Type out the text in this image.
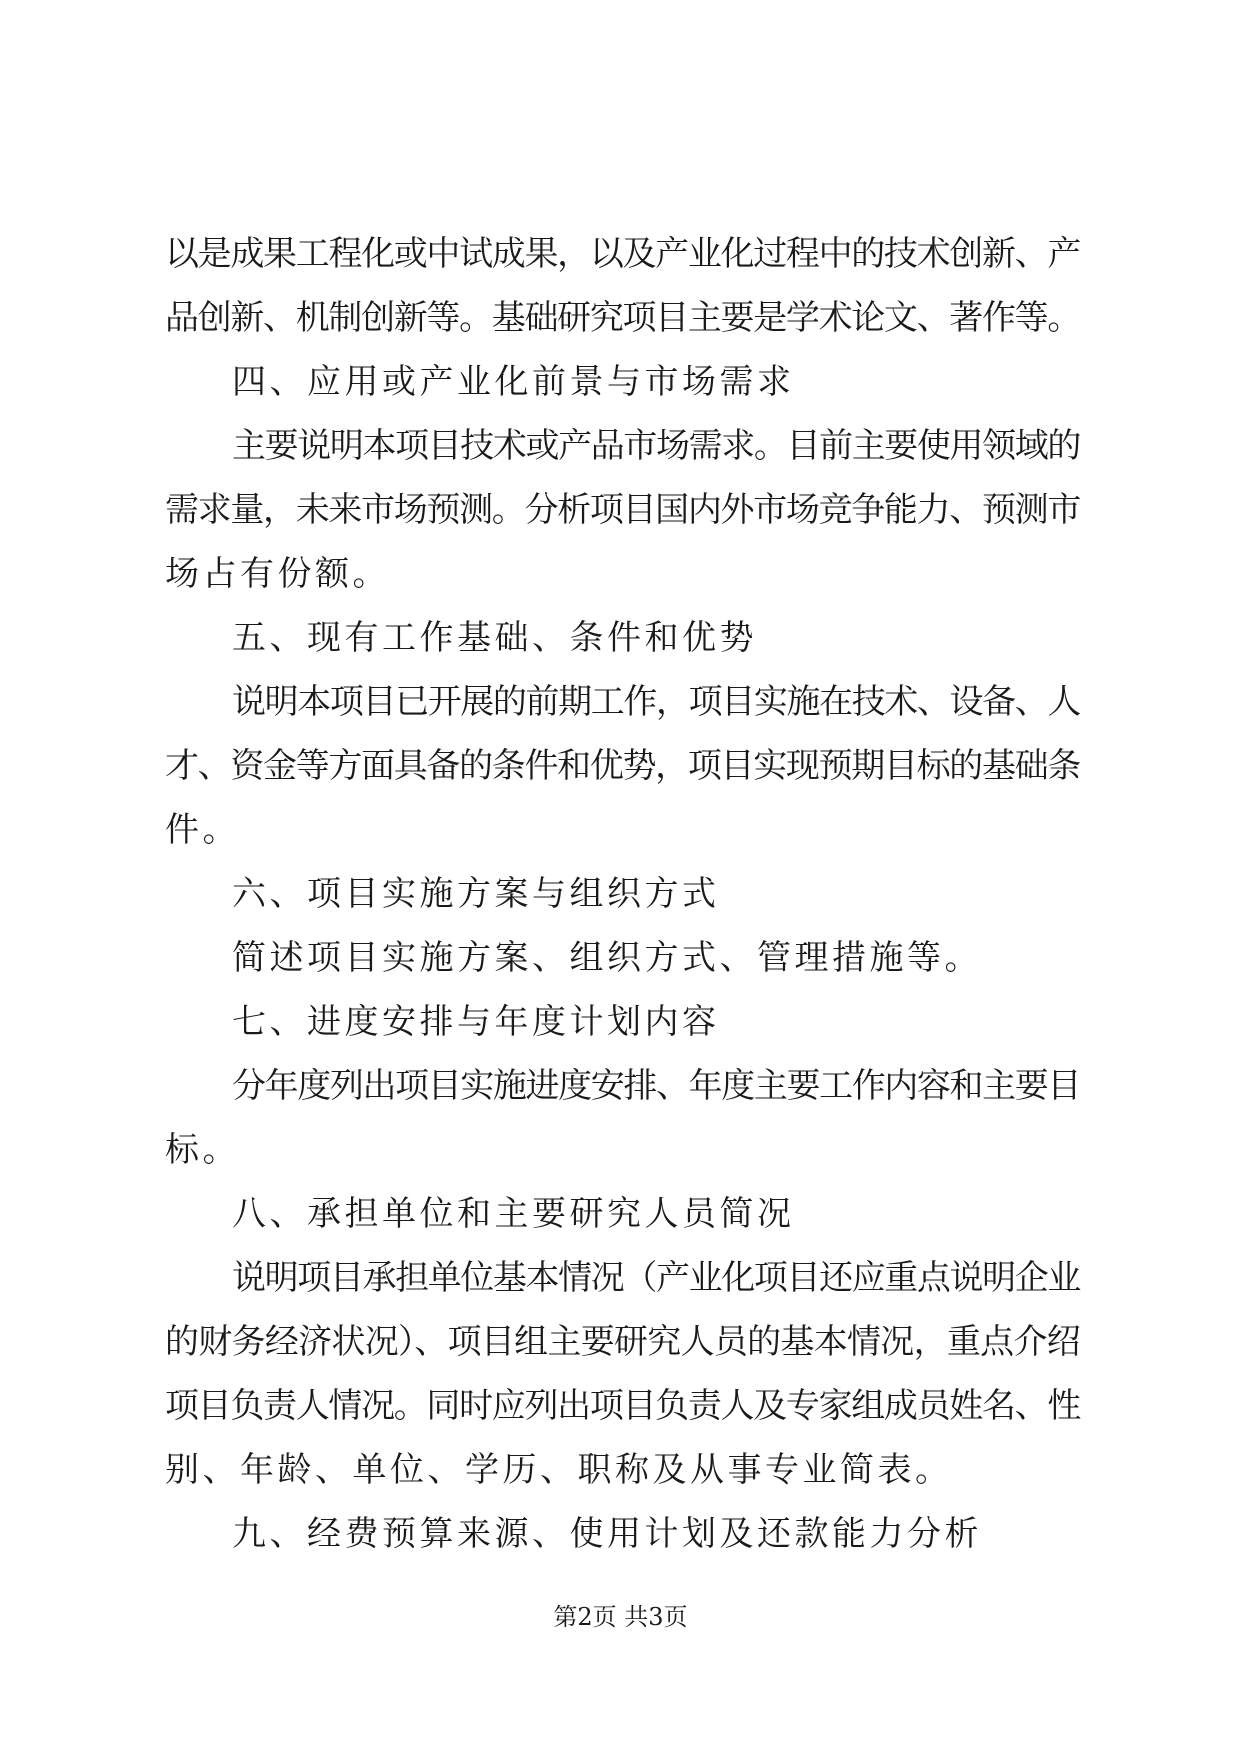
以是成果工程化或中试成果，以及产业化过程中的技术创新、产
品创新、机制创新等。基础研究项目主要是学术论文、著作等。
四、应用或产业化前景与市场需求
主要说明本项目技术或产品市场需求。目前主要使用领域的
需求量，未来市场预测。分析项目国内外市场竞争能力、预测市
场占有份额。
五、现有工作基础、条件和优势
说明本项目已开展的前期工作，项目实施在技术、设备、人
才、资金等方面具备的条件和优势，项目实现预期目标的基础条
件。
六、项目实施方案与组织方式
简述项目实施方案、组织方式、管理措施等。
七、进度安排与年度计划内容
分年度列出项目实施进度安排、年度主要工作内容和主要目
标。
八、承担单位和主要研究人员简况
说明项目承担单位基本情况（产业化项目还应重点说明企业
的财务经济状况）、项目组主要研究人员的基本情况，重点介绍
项目负责人情况。同时应列出项目负责人及专家组成员姓名、性
别、年龄、单位、学历、职称及从事专业简表。
九、经费预算来源、使用计划及还款能力分析
第2页 共3页
